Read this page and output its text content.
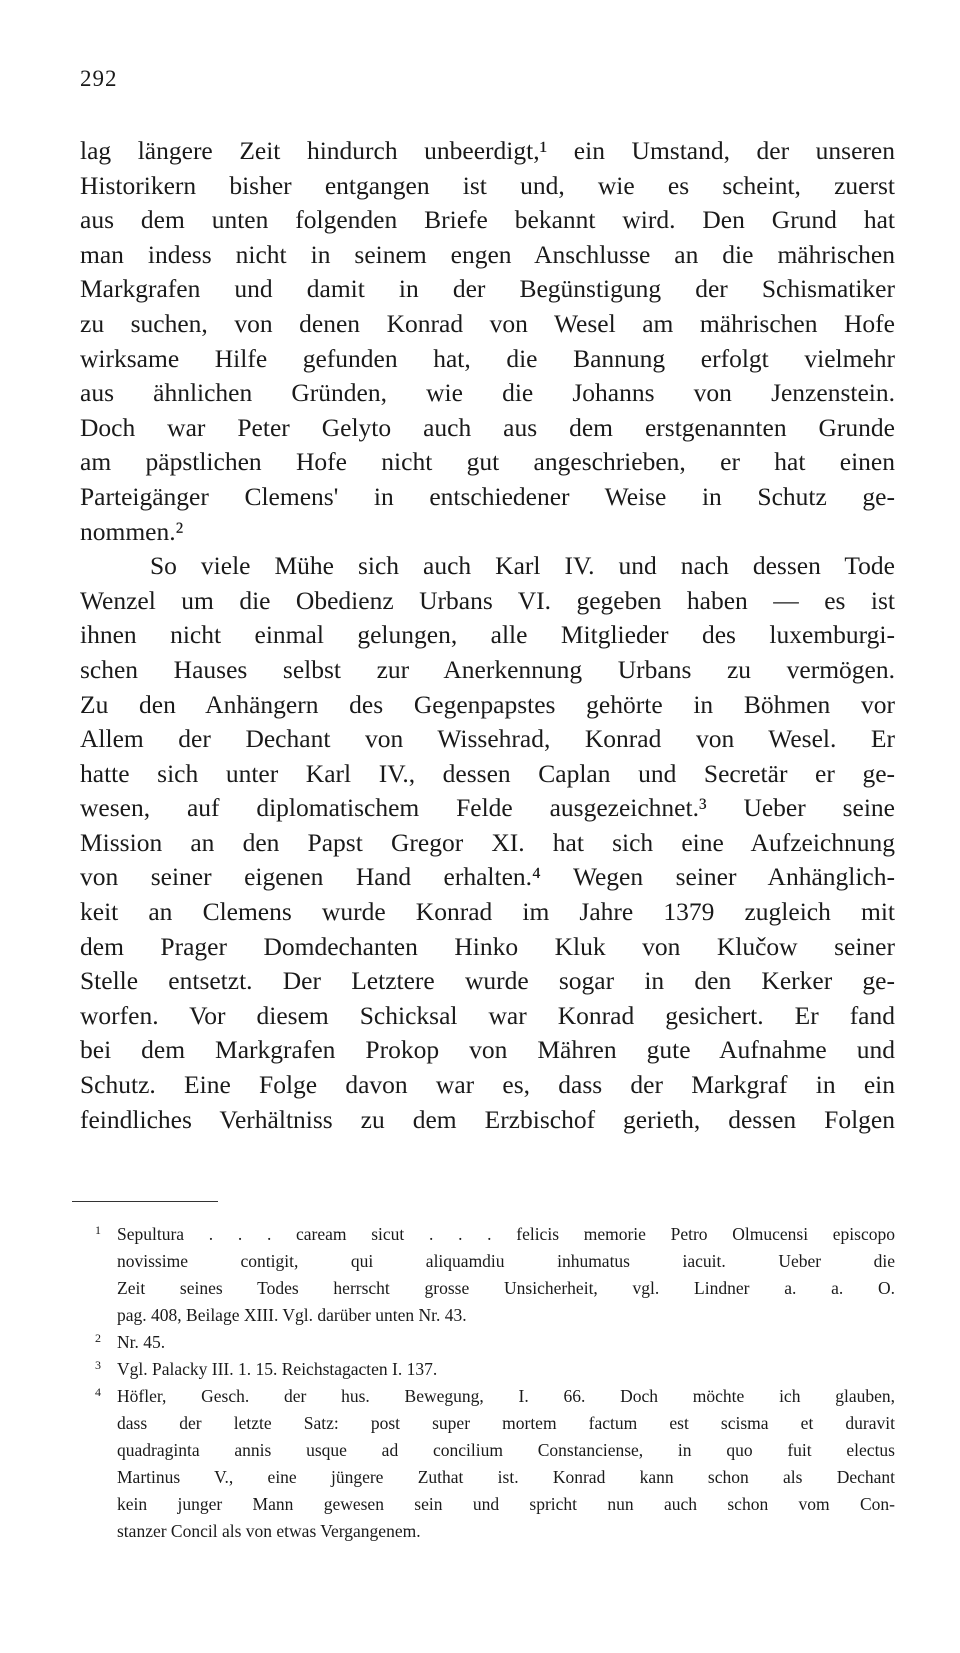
292
lag längere Zeit hindurch unbeerdigt,¹ ein Umstand, der unseren
Historikern bisher entgangen ist und, wie es scheint, zuerst
aus dem unten folgenden Briefe bekannt wird. Den Grund hat
man indess nicht in seinem engen Anschlusse an die mährischen
Markgrafen und damit in der Begünstigung der Schismatiker
zu suchen, von denen Konrad von Wesel am mährischen Hofe
wirksame Hilfe gefunden hat, die Bannung erfolgt vielmehr
aus ähnlichen Gründen, wie die Johanns von Jenzenstein.
Doch war Peter Gelyto auch aus dem erstgenannten Grunde
am päpstlichen Hofe nicht gut angeschrieben, er hat einen
Parteigänger Clemens' in entschiedener Weise in Schutz ge-
nommen.²
So viele Mühe sich auch Karl IV. und nach dessen Tode
Wenzel um die Obedienz Urbans VI. gegeben haben — es ist
ihnen nicht einmal gelungen, alle Mitglieder des luxemburgi-
schen Hauses selbst zur Anerkennung Urbans zu vermögen.
Zu den Anhängern des Gegenpapstes gehörte in Böhmen vor
Allem der Dechant von Wissehrad, Konrad von Wesel. Er
hatte sich unter Karl IV., dessen Caplan und Secretär er ge-
wesen, auf diplomatischem Felde ausgezeichnet.³ Ueber seine
Mission an den Papst Gregor XI. hat sich eine Aufzeichnung
von seiner eigenen Hand erhalten.⁴ Wegen seiner Anhänglich-
keit an Clemens wurde Konrad im Jahre 1379 zugleich mit
dem Prager Domdechanten Hinko Kluk von Klučow seiner
Stelle entsetzt. Der Letztere wurde sogar in den Kerker ge-
worfen. Vor diesem Schicksal war Konrad gesichert. Er fand
bei dem Markgrafen Prokop von Mähren gute Aufnahme und
Schutz. Eine Folge davon war es, dass der Markgraf in ein
feindliches Verhältniss zu dem Erzbischof gerieth, dessen Folgen
1 Sepultura . . . caream sicut . . . felicis memorie Petro Olmucensi episcopo
novissime contigit, qui aliquamdiu inhumatus iacuit. Ueber die
Zeit seines Todes herrscht grosse Unsicherheit, vgl. Lindner a. a. O.
pag. 408, Beilage XIII. Vgl. darüber unten Nr. 43.
2 Nr. 45.
3 Vgl. Palacky III. 1. 15. Reichstagacten I. 137.
4 Höfler, Gesch. der hus. Bewegung, I. 66. Doch möchte ich glauben,
dass der letzte Satz: post super mortem factum est scisma et duravit
quadraginta annis usque ad concilium Constanciense, in quo fuit electus
Martinus V., eine jüngere Zuthat ist. Konrad kann schon als Dechant
kein junger Mann gewesen sein und spricht nun auch schon vom Con-
stanzer Concil als von etwas Vergangenem.
